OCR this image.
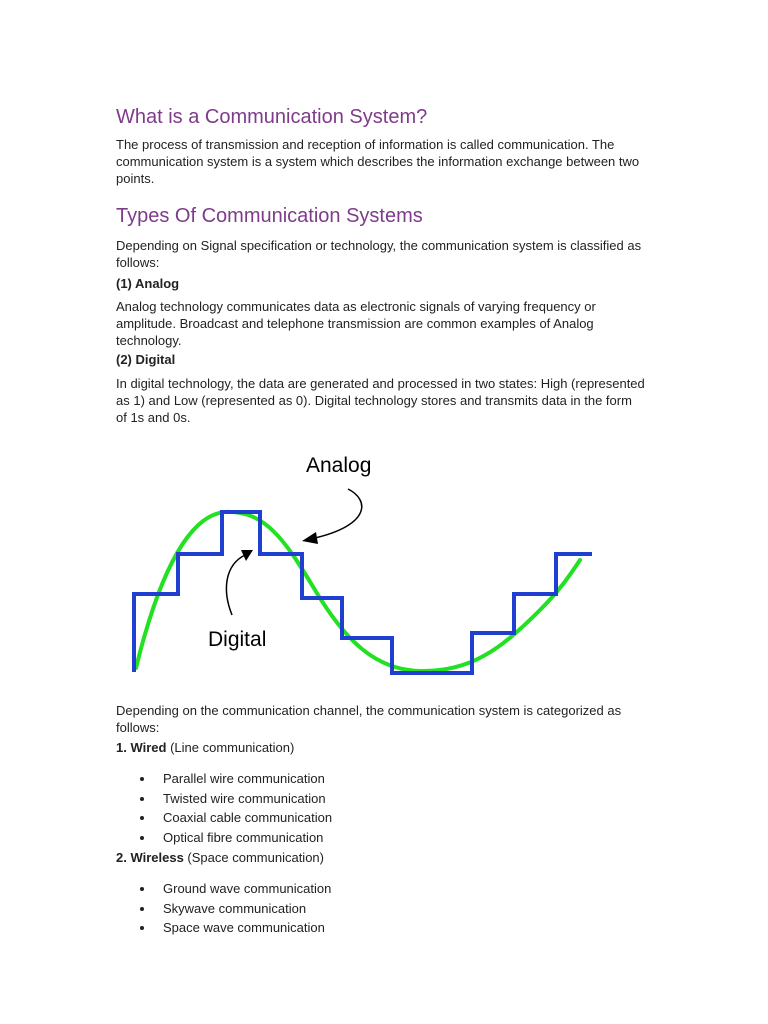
What is a Communication System?

The process of transmission and reception of information is called communication. The communication system is a system which describes the information exchange between two points.

Types Of Communication Systems

Depending on Signal specification or technology, the communication system is classified as follows:

(1) Analog

Analog technology communicates data as electronic signals of varying frequency or amplitude. Broadcast and telephone transmission are common examples of Analog technology.

(2) Digital

In digital technology, the data are generated and processed in two states: High (represented as 1) and Low (represented as 0). Digital technology stores and transmits data in the form of 1s and 0s.

Depending on the communication channel, the communication system is categorized as follows:

1. Wired (Line communication)
Parallel wire communication
Twisted wire communication
Coaxial cable communication
Optical fibre communication
2. Wireless (Space communication)
Ground wave communication
Skywave communication
Space wave communication
Analog
Digital
